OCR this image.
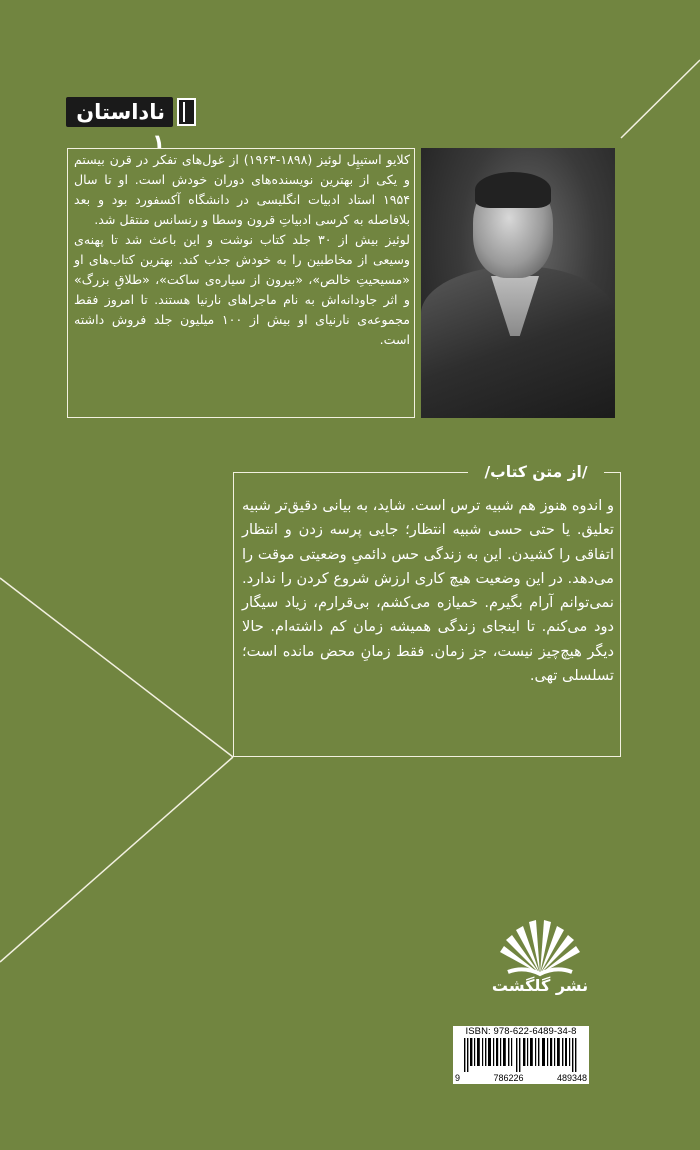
ناداستان ۱

کلایو استیپِل لوئیز (۱۸۹۸-۱۹۶۳) از غول‌های تفکر در قرن بیستم و یکی از بهترین نویسنده‌های دوران خودش است. او تا سال ۱۹۵۴ استاد ادبیات انگلیسی در دانشگاه آکسفورد بود و بعد بلافاصله به کرسی ادبیاتِ قرون وسطا و رنسانس منتقل شد.

لوئیز بیش از ۳۰ جلد کتاب نوشت و این باعث شد تا پهنه‌ی وسیعی از مخاطبین را به خودش جذب کند. بهترین کتاب‌های او «مسیحیتِ خالص»، «بیرون از سیاره‌ی ساکت»، «طلاقِ بزرگ» و اثر جاودانه‌اش به نام ماجراهای نارنیا هستند. تا امروز فقط مجموعه‌ی نارنیای او بیش از ۱۰۰ میلیون جلد فروش داشته است.

/از متن کتاب/
و اندوه هنوز هم شبیه ترس است. شاید، به بیانی دقیق‌تر شبیه تعلیق. یا حتی حسی شبیه انتظار؛ جایی پرسه زدن و انتظار اتفاقی را کشیدن. این به زندگی حس دائمیِ وضعیتی موقت را می‌دهد. در این وضعیت هیچ کاری ارزش شروع کردن را ندارد. نمی‌توانم آرام بگیرم. خمیازه می‌کشم، بی‌قرارم، زیاد سیگار دود می‌کنم. تا اینجای زندگی همیشه زمان کم داشته‌ام. حالا دیگر هیچ‌چیز نیست، جز زمان. فقط زمانِ محض مانده است؛ تسلسلی تهی.
نشر گلگشت
ISBN: 978-622-6489-34-8
9	786226	489348
